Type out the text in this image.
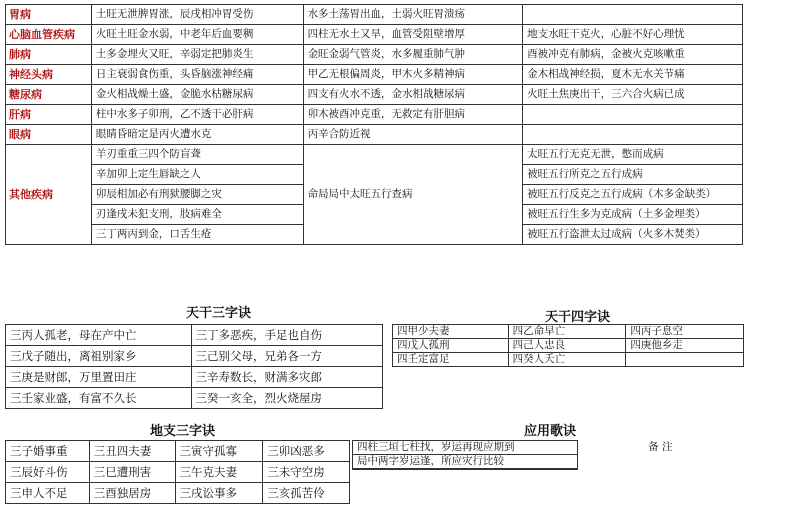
胃病	土旺无泄脾胃涨，辰戌相冲胃受伤	水多土荡胃出血，土弱火旺胃溃疡	
心脑血管疾病	火旺土旺金水弱，中老年后血要稠	四柱无水土又旱，血管受阻壁增厚	地支水旺干克火，心脏不好心理忧
肺病	土多金埋火又旺，辛弱定把肺炎生	金旺金弱气管炎，水多履重肺气肿	酉被冲克有肺病，金被火克咳嗽重
神经头病	日主衰弱食伤重，头昏脑涨神经痛	甲乙无根偏周炎，甲木火多精神病	金木相战神经损，夏木无水关节痛
糖尿病	金火相战燥土盛，金脆水枯糖尿病	四支有火水不透，金水相战糖尿病	火旺土焦庚出干，三六合火病已成
肝病	柱中水多子卯刑，乙不透干必肝病	卯木被酉冲克重，无救定有肝胆病	
眼病	眼睛昏暗定是丙火遭水克	丙辛合防近视	
其他疾病	羊刃重重三四个防盲聋	命局局中太旺五行查病	太旺五行无克无泄，憋而成病
	辛加卯上定生唇缺之人		被旺五行所克之五行成病
	卯辰相加必有刑狱腰脚之灾		被旺五行反克之五行成病（木多金缺类）
	刃逢戌未犯支刑，肢病难全		被旺五行生多为克成病（土多金埋类）
	三丁两丙到金，口舌生疮		被旺五行盗泄太过成病（火多木焚类）
天干三字诀	天干四字诀
三丙人孤老，母在产中亡	三丁多恶疾，手足也自伤
三戊子随出，离祖别家乡	三己别父母，兄弟各一方
三庚是财郎，万里置田庄	三辛寿数长，财满多灾郎
三壬家业盛，有富不久长	三癸一亥全，烈火烧屋房
四甲少夫妻	四乙命早亡	四丙子息空
四戊人孤刑	四己人忠良	四庚他乡走
四壬定富足	四癸人夭亡	
地支三字诀	应用歌诀
三子婚事重	三丑四夫妻	三寅守孤寡	三卯凶恶多
三辰好斗伤	三巳遭刑害	三午克夫妻	三未守空房
三申人不足	三酉独居房	三戌讼事多	三亥孤苦伶
四柱三垣七柱找，岁运再现应期到	备 注
局中两字岁运逢，所应灾行比较	
